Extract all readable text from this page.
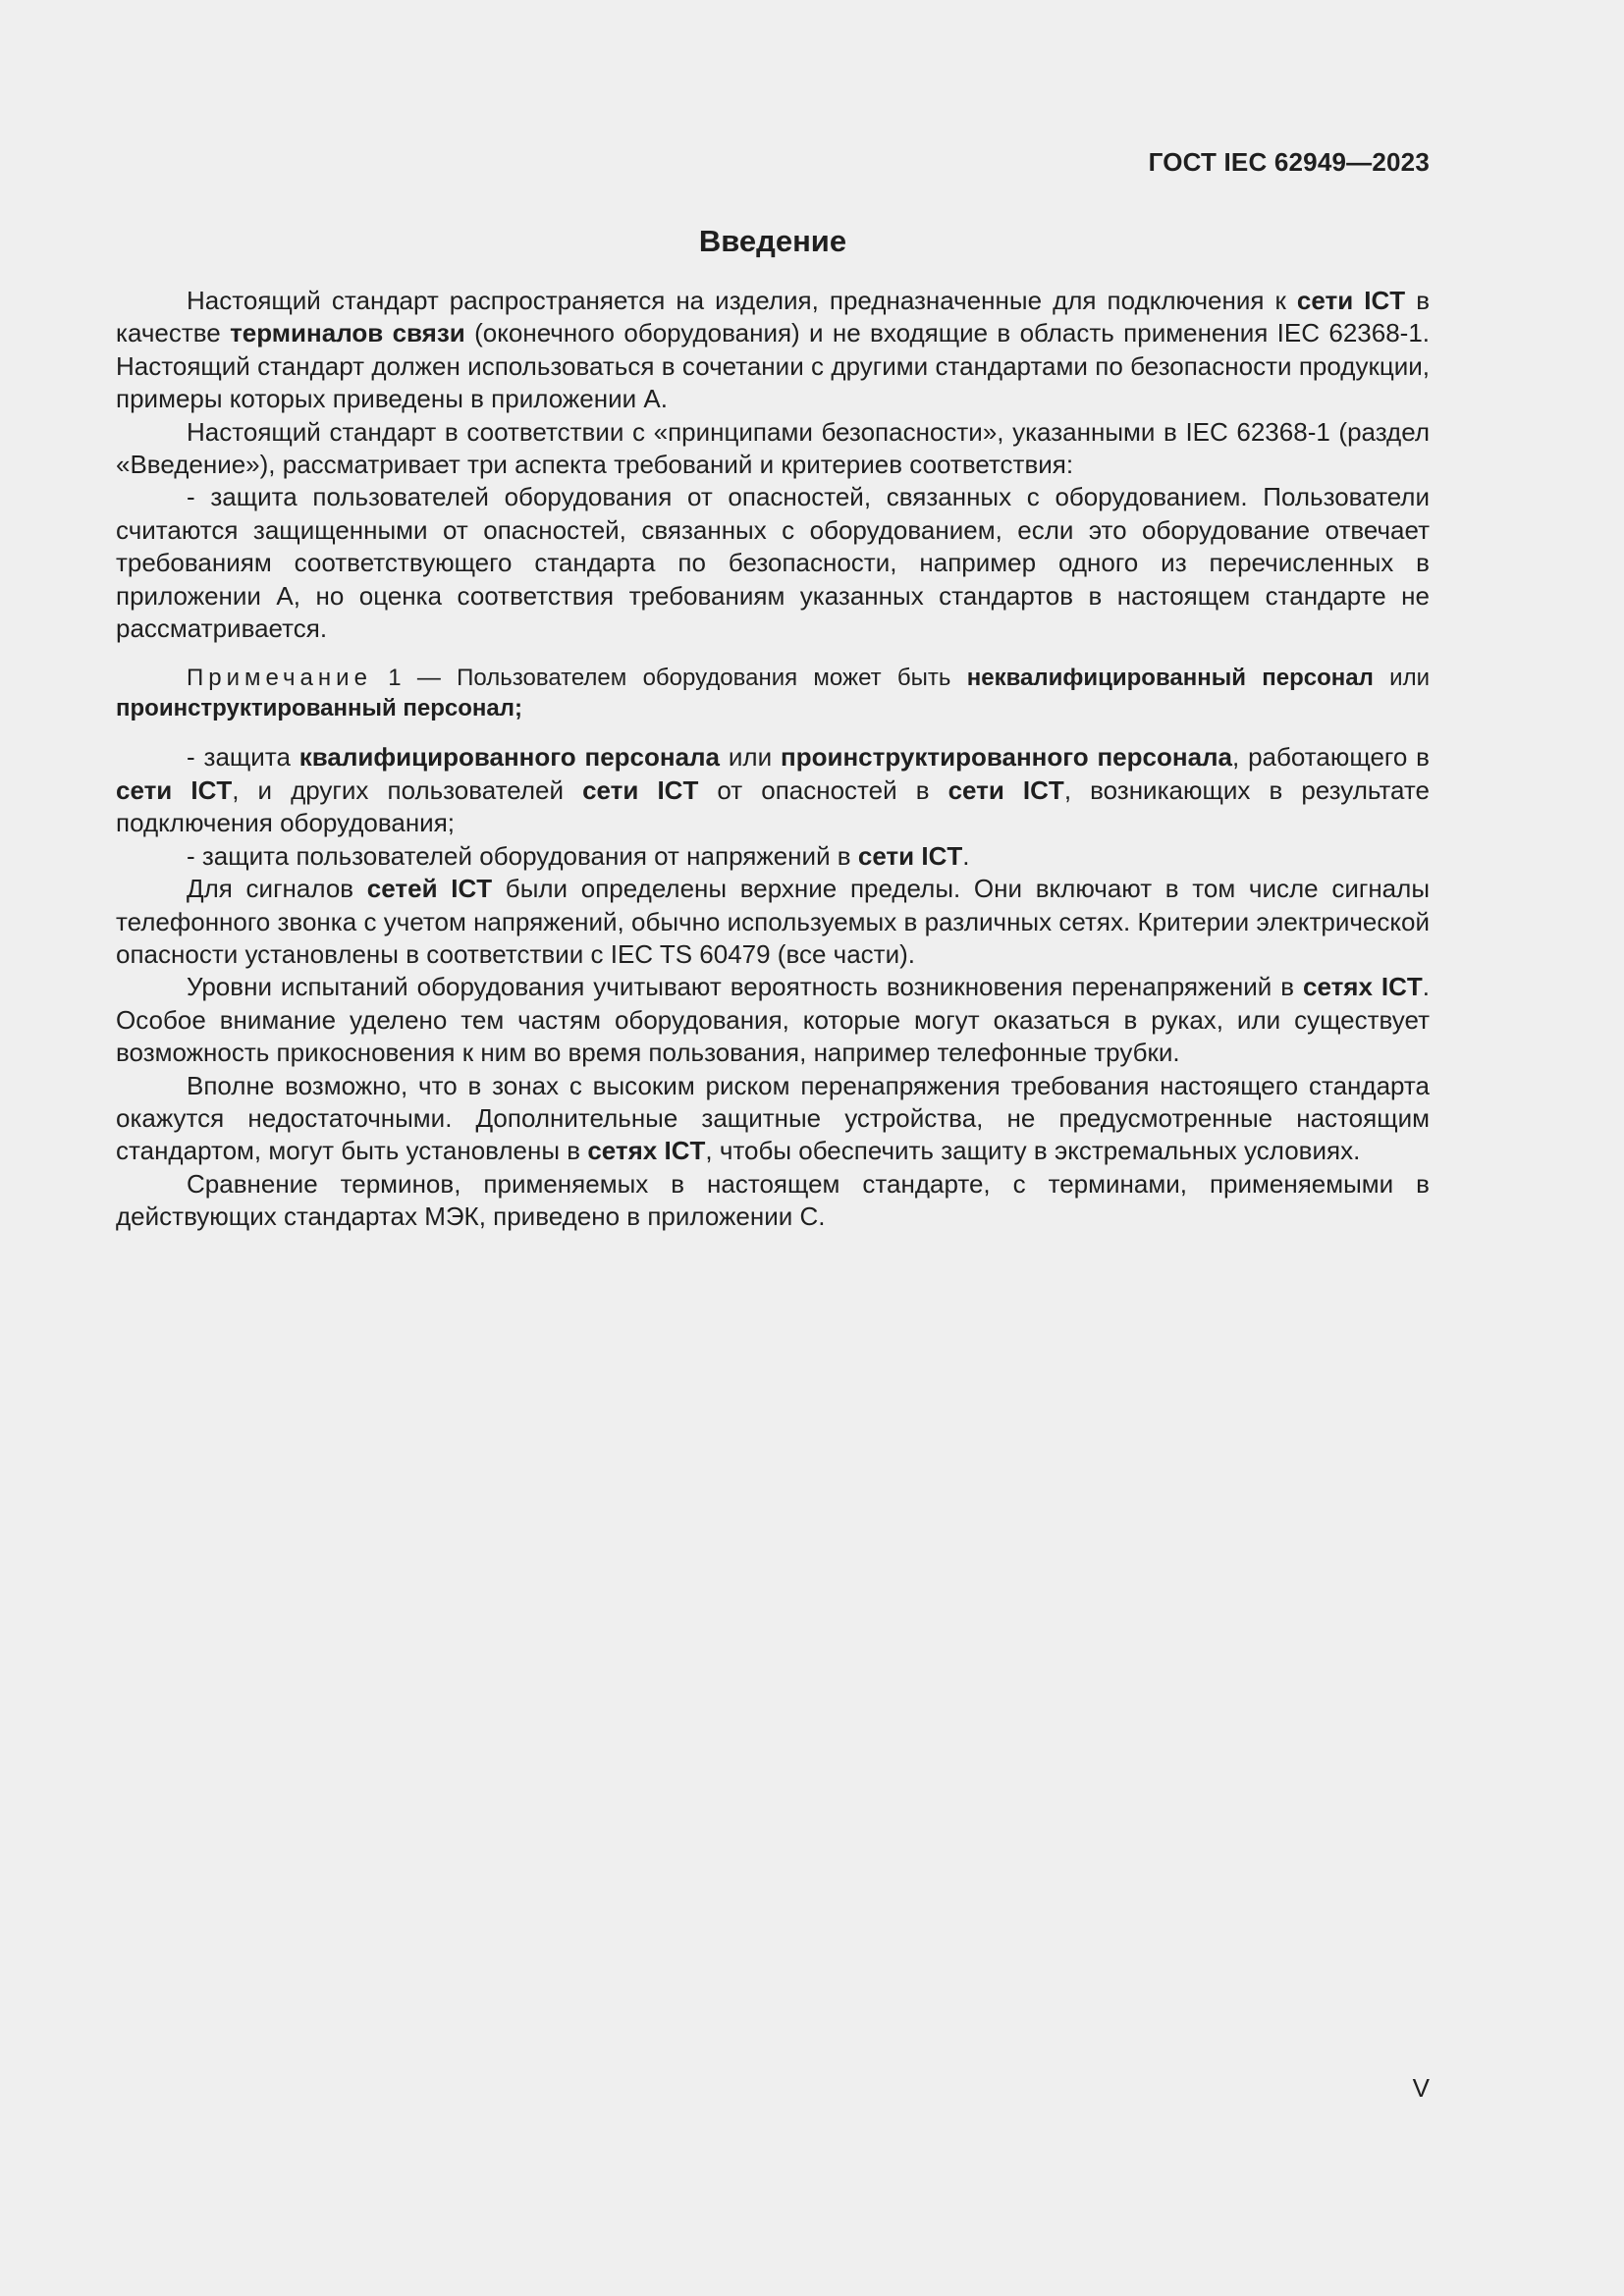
ГОСТ IEC 62949—2023
Введение

Настоящий стандарт распространяется на изделия, предназначенные для подключения к сети ICT в качестве терминалов связи (оконечного оборудования) и не входящие в область применения IEC 62368-1. Настоящий стандарт должен использоваться в сочетании с другими стандартами по безопасности продукции, примеры которых приведены в приложении А.

Настоящий стандарт в соответствии с «принципами безопасности», указанными в IEC 62368-1 (раздел «Введение»), рассматривает три аспекта требований и критериев соответствия:

- защита пользователей оборудования от опасностей, связанных с оборудованием. Пользователи считаются защищенными от опасностей, связанных с оборудованием, если это оборудование отвечает требованиям соответствующего стандарта по безопасности, например одного из перечисленных в приложении А, но оценка соответствия требованиям указанных стандартов в настоящем стандарте не рассматривается.

Примечание 1 — Пользователем оборудования может быть неквалифицированный персонал или проинструктированный персонал;

- защита квалифицированного персонала или проинструктированного персонала, работающего в сети ICT, и других пользователей сети ICT от опасностей в сети ICT, возникающих в результате подключения оборудования;

- защита пользователей оборудования от напряжений в сети ICT.

Для сигналов сетей ICT были определены верхние пределы. Они включают в том числе сигналы телефонного звонка с учетом напряжений, обычно используемых в различных сетях. Критерии электрической опасности установлены в соответствии с IEC TS 60479 (все части).

Уровни испытаний оборудования учитывают вероятность возникновения перенапряжений в сетях ICT. Особое внимание уделено тем частям оборудования, которые могут оказаться в руках, или существует возможность прикосновения к ним во время пользования, например телефонные трубки.

Вполне возможно, что в зонах с высоким риском перенапряжения требования настоящего стандарта окажутся недостаточными. Дополнительные защитные устройства, не предусмотренные настоящим стандартом, могут быть установлены в сетях ICT, чтобы обеспечить защиту в экстремальных условиях.

Сравнение терминов, применяемых в настоящем стандарте, с терминами, применяемыми в действующих стандартах МЭК, приведено в приложении С.

V
